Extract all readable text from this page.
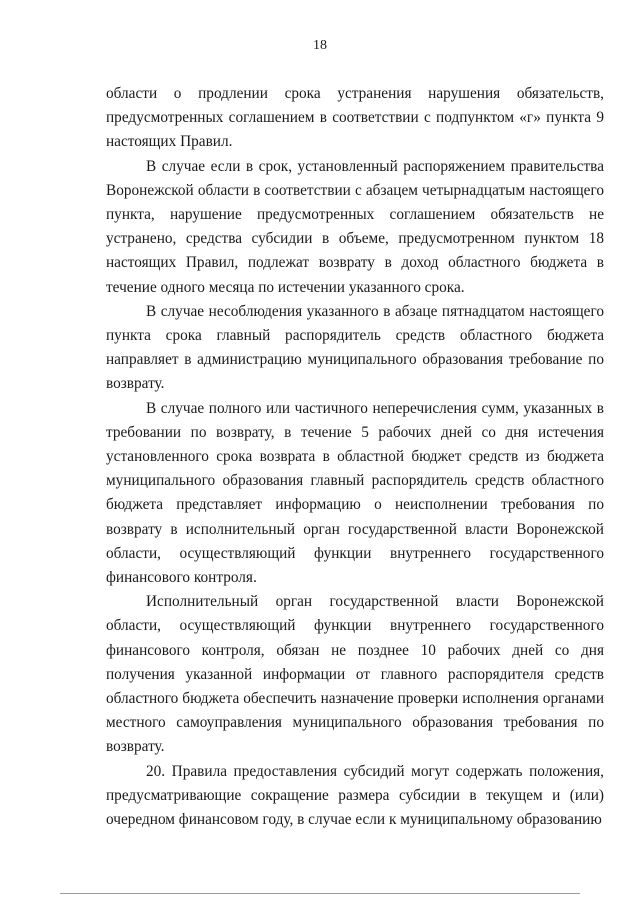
18

области о продлении срока устранения нарушения обязательств, предусмотренных соглашением в соответствии с подпунктом «г» пункта 9 настоящих Правил.

В случае если в срок, установленный распоряжением правительства Воронежской области в соответствии с абзацем четырнадцатым настоящего пункта, нарушение предусмотренных соглашением обязательств не устранено, средства субсидии в объеме, предусмотренном пунктом 18 настоящих Правил, подлежат возврату в доход областного бюджета в течение одного месяца по истечении указанного срока.

В случае несоблюдения указанного в абзаце пятнадцатом настоящего пункта срока главный распорядитель средств областного бюджета направляет в администрацию муниципального образования требование по возврату.

В случае полного или частичного неперечисления сумм, указанных в требовании по возврату, в течение 5 рабочих дней со дня истечения установленного срока возврата в областной бюджет средств из бюджета муниципального образования главный распорядитель средств областного бюджета представляет информацию о неисполнении требования по возврату в исполнительный орган государственной власти Воронежской области, осуществляющий функции внутреннего государственного финансового контроля.

Исполнительный орган государственной власти Воронежской области, осуществляющий функции внутреннего государственного финансового контроля, обязан не позднее 10 рабочих дней со дня получения указанной информации от главного распорядителя средств областного бюджета обеспечить назначение проверки исполнения органами местного самоуправления муниципального образования требования по возврату.

20. Правила предоставления субсидий могут содержать положения, предусматривающие сокращение размера субсидии в текущем и (или) очередном финансовом году, в случае если к муниципальному образованию
